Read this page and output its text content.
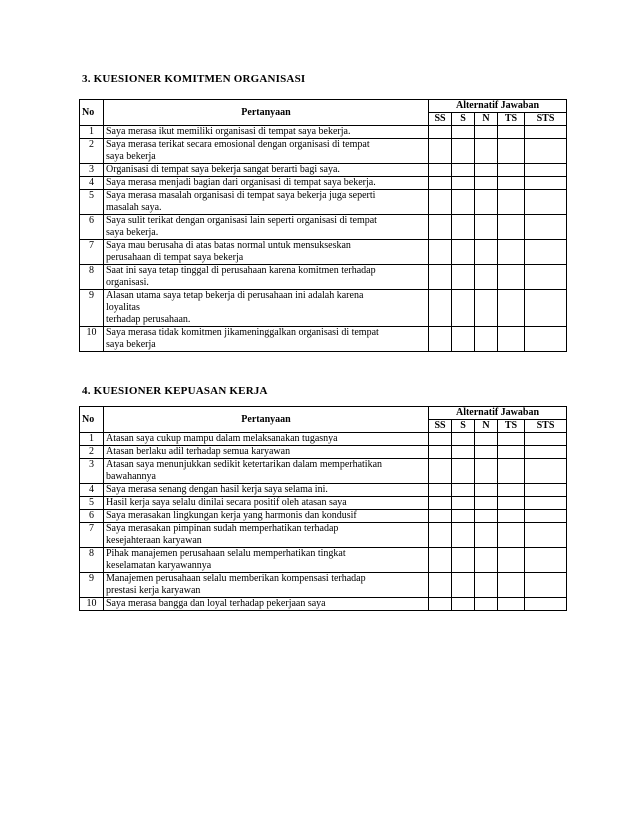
3. KUESIONER KOMITMEN ORGANISASI
No	Pertanyaan	Alternatif Jawaban				
		SS	S	N	TS	STS
1	Saya merasa ikut memiliki organisasi di tempat saya bekerja.					

2	Saya merasa terikat secara emosional dengan organisasi di tempat
saya bekerja					

3	Organisasi di tempat saya bekerja sangat berarti bagi saya.					

4	Saya merasa menjadi bagian dari organisasi di tempat saya bekerja.					

5	Saya merasa masalah organisasi di tempat saya bekerja juga seperti
masalah saya.					

6	Saya sulit terikat dengan organisasi lain seperti organisasi di tempat
saya bekerja.					

7	Saya mau berusaha di atas batas normal untuk mensukseskan
perusahaan di tempat saya bekerja					

8	Saat ini saya tetap tinggal di perusahaan karena komitmen terhadap
organisasi.					

9	Alasan utama saya tetap bekerja di perusahaan ini adalah karena
loyalitas
terhadap perusahaan.					

10	Saya merasa tidak komitmen jikameninggalkan organisasi di tempat
saya bekerja					

4. KUESIONER KEPUASAN KERJA
No	Pertanyaan	Alternatif Jawaban				
		SS	S	N	TS	STS
1	Atasan saya cukup mampu dalam melaksanakan tugasnya					

2	Atasan berlaku adil terhadap semua karyawan					

3	Atasan saya menunjukkan sedikit ketertarikan dalam memperhatikan
bawahannya					

4	Saya merasa senang dengan hasil kerja saya selama ini.					

5	Hasil kerja saya selalu dinilai secara positif oleh atasan saya					

6	Saya merasakan lingkungan kerja yang harmonis dan kondusif					

7	Saya merasakan pimpinan sudah memperhatikan terhadap
kesejahteraan karyawan					

8	Pihak manajemen perusahaan selalu memperhatikan tingkat
keselamatan karyawannya					

9	Manajemen perusahaan selalu memberikan kompensasi terhadap
prestasi kerja karyawan					

10	Saya merasa bangga dan loyal terhadap pekerjaan saya					
